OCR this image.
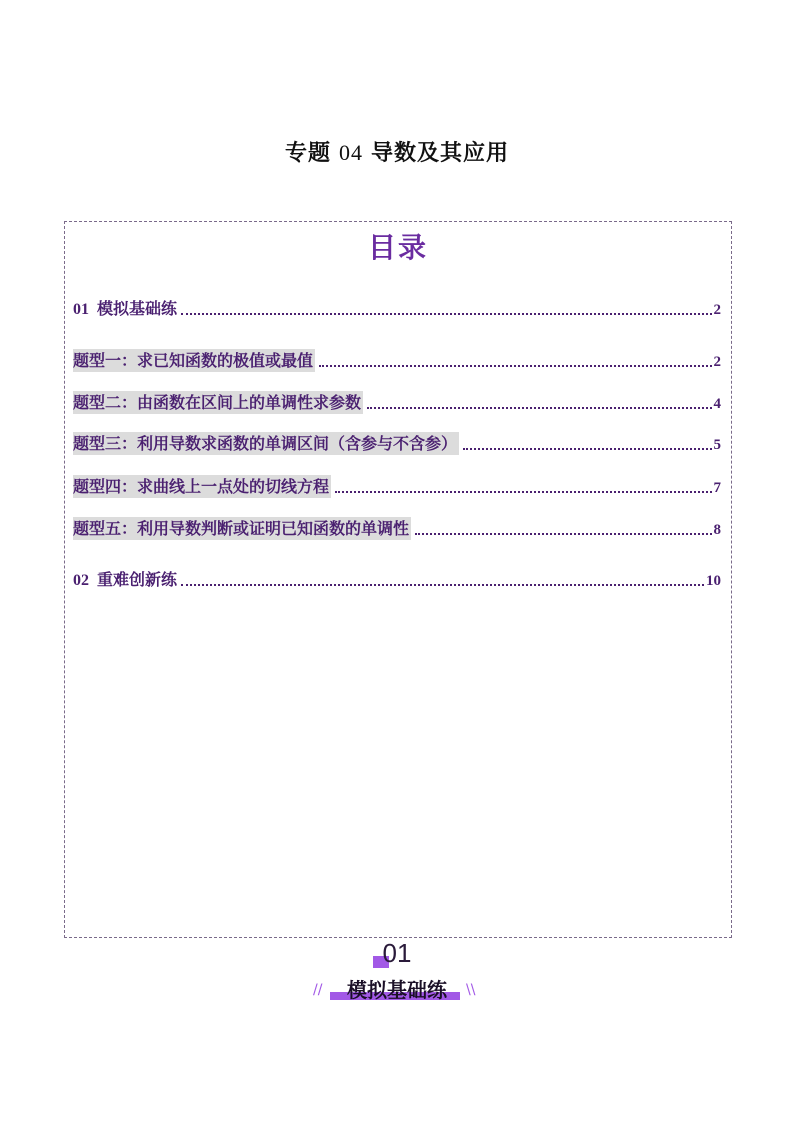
专题 04 导数及其应用
目录
01 模拟基础练	2
题型一：求已知函数的极值或最值	2
题型二：由函数在区间上的单调性求参数	4
题型三：利用导数求函数的单调区间（含参与不含参）	5
题型四：求曲线上一点处的切线方程	7
题型五：利用导数判断或证明已知函数的单调性	8
02 重难创新练	10
01
//	模拟基础练	\\
